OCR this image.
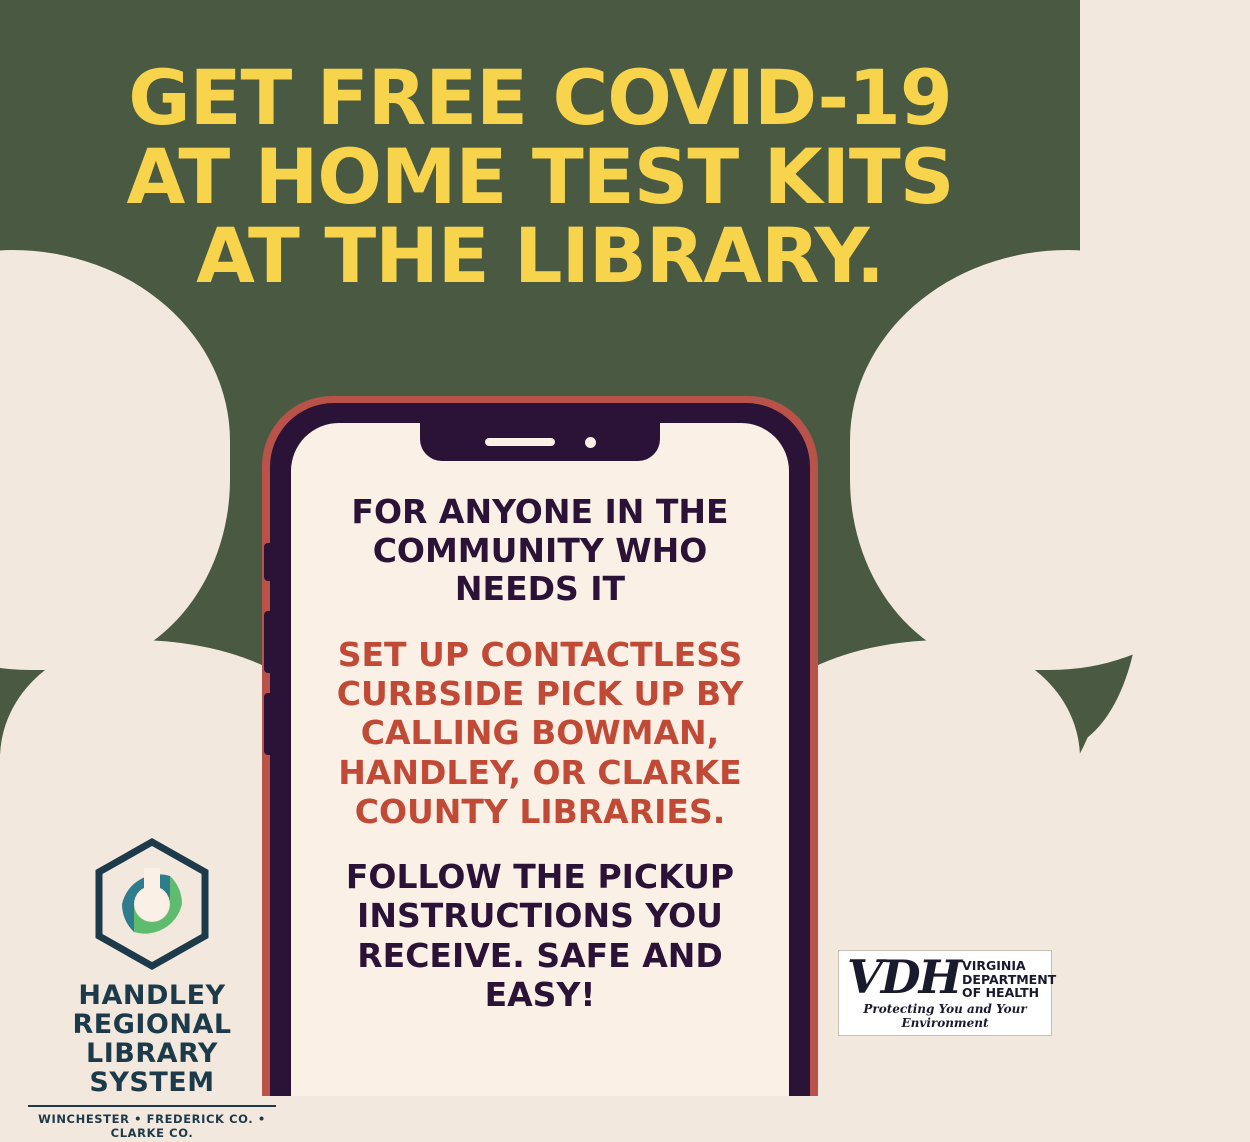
GET FREE COVID-19
AT HOME TEST KITS
AT THE LIBRARY.
FOR ANYONE IN THE COMMUNITY WHO NEEDS IT
SET UP CONTACTLESS CURBSIDE PICK UP BY CALLING BOWMAN, HANDLEY, OR CLARKE COUNTY LIBRARIES.
FOLLOW THE PICKUP INSTRUCTIONS YOU RECEIVE. SAFE AND EASY!
HANDLEY REGIONAL
LIBRARY SYSTEM
WINCHESTER • FREDERICK CO. • CLARKE CO.
VDH VIRGINIA
DEPARTMENT
OF HEALTH
Protecting You and Your Environment
